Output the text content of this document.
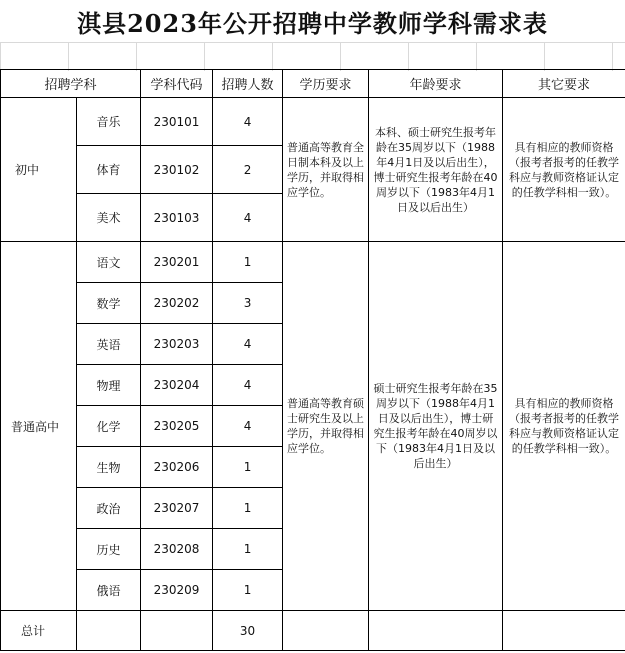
淇县2023年公开招聘中学教师学科需求表
招聘学科		学科代码	招聘人数	学历要求	年龄要求	其它要求
初中	音乐	230101	4	普通高等教育全日制本科及以上学历，并取得相应学位。	本科、硕士研究生报考年龄在35周岁以下（1988年4月1日及以后出生），博士研究生报考年龄在40周岁以下（1983年4月1日及以后出生）	具有相应的教师资格（报考者报考的任教学科应与教师资格证认定的任教学科相一致）。
	体育	230102	2			
	美术	230103	4			
普通高中	语文	230201	1	普通高等教育硕士研究生及以上学历，并取得相应学位。	硕士研究生报考年龄在35周岁以下（1988年4月1日及以后出生），博士研究生报考年龄在40周岁以下（1983年4月1日及以后出生）	具有相应的教师资格（报考者报考的任教学科应与教师资格证认定的任教学科相一致）。
	数学	230202	3			
	英语	230203	4			
	物理	230204	4			
	化学	230205	4			
	生物	230206	1			
	政治	230207	1			
	历史	230208	1			
	俄语	230209	1			
总计			30			
